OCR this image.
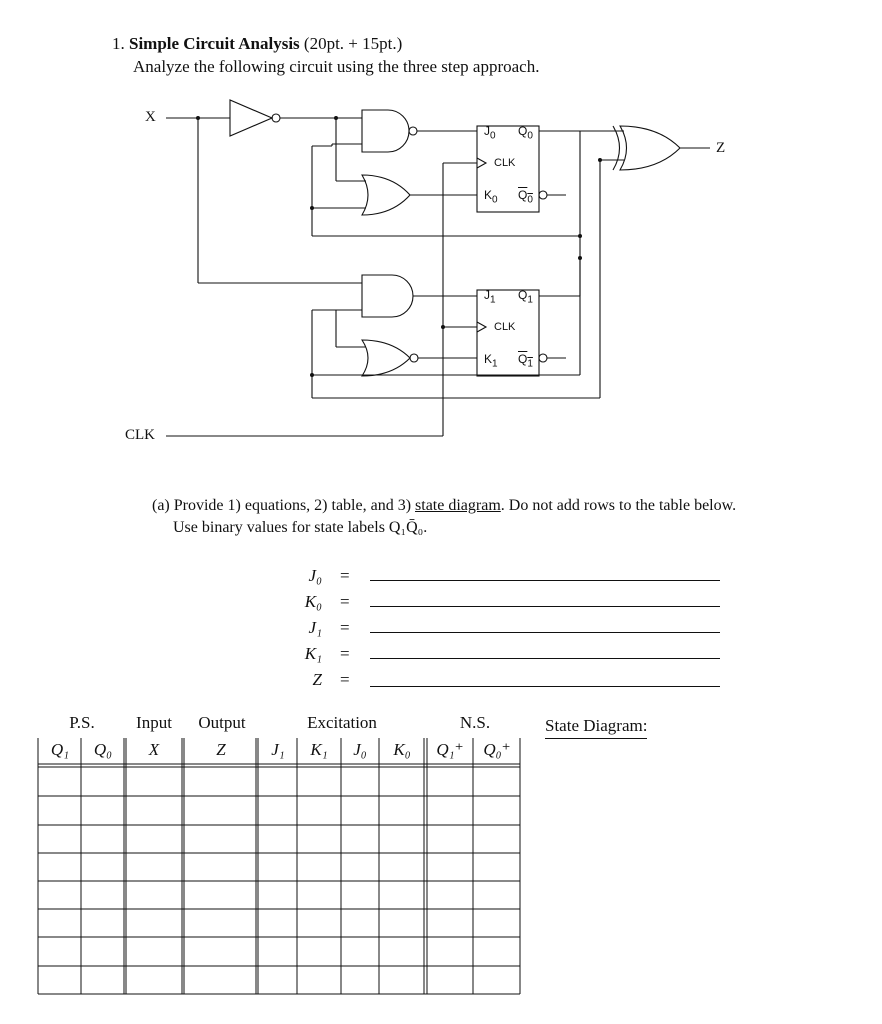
1. Simple Circuit Analysis (20pt. + 15pt.)
Analyze the following circuit using the three step approach.
X
CLK
Z
$J_0$ $Q_0$
CLK
$K_0$ $Q_0$
$J_1$ $Q_1$
CLK
$K_1$ $Q_1$
(a) Provide 1) equations, 2) table, and 3) state diagram. Do not add rows to the table below.
Use binary values for state labels Q₁Q̄₀.
J₀ =
K₀ =
J₁ =
K₁ =
Z =
P.S.	Input	Output	Excitation	N.S.
Q₁	Q₀	X	Z	J₁	K₁	J₀	K₀	Q₁⁺	Q₀⁺
State Diagram:
